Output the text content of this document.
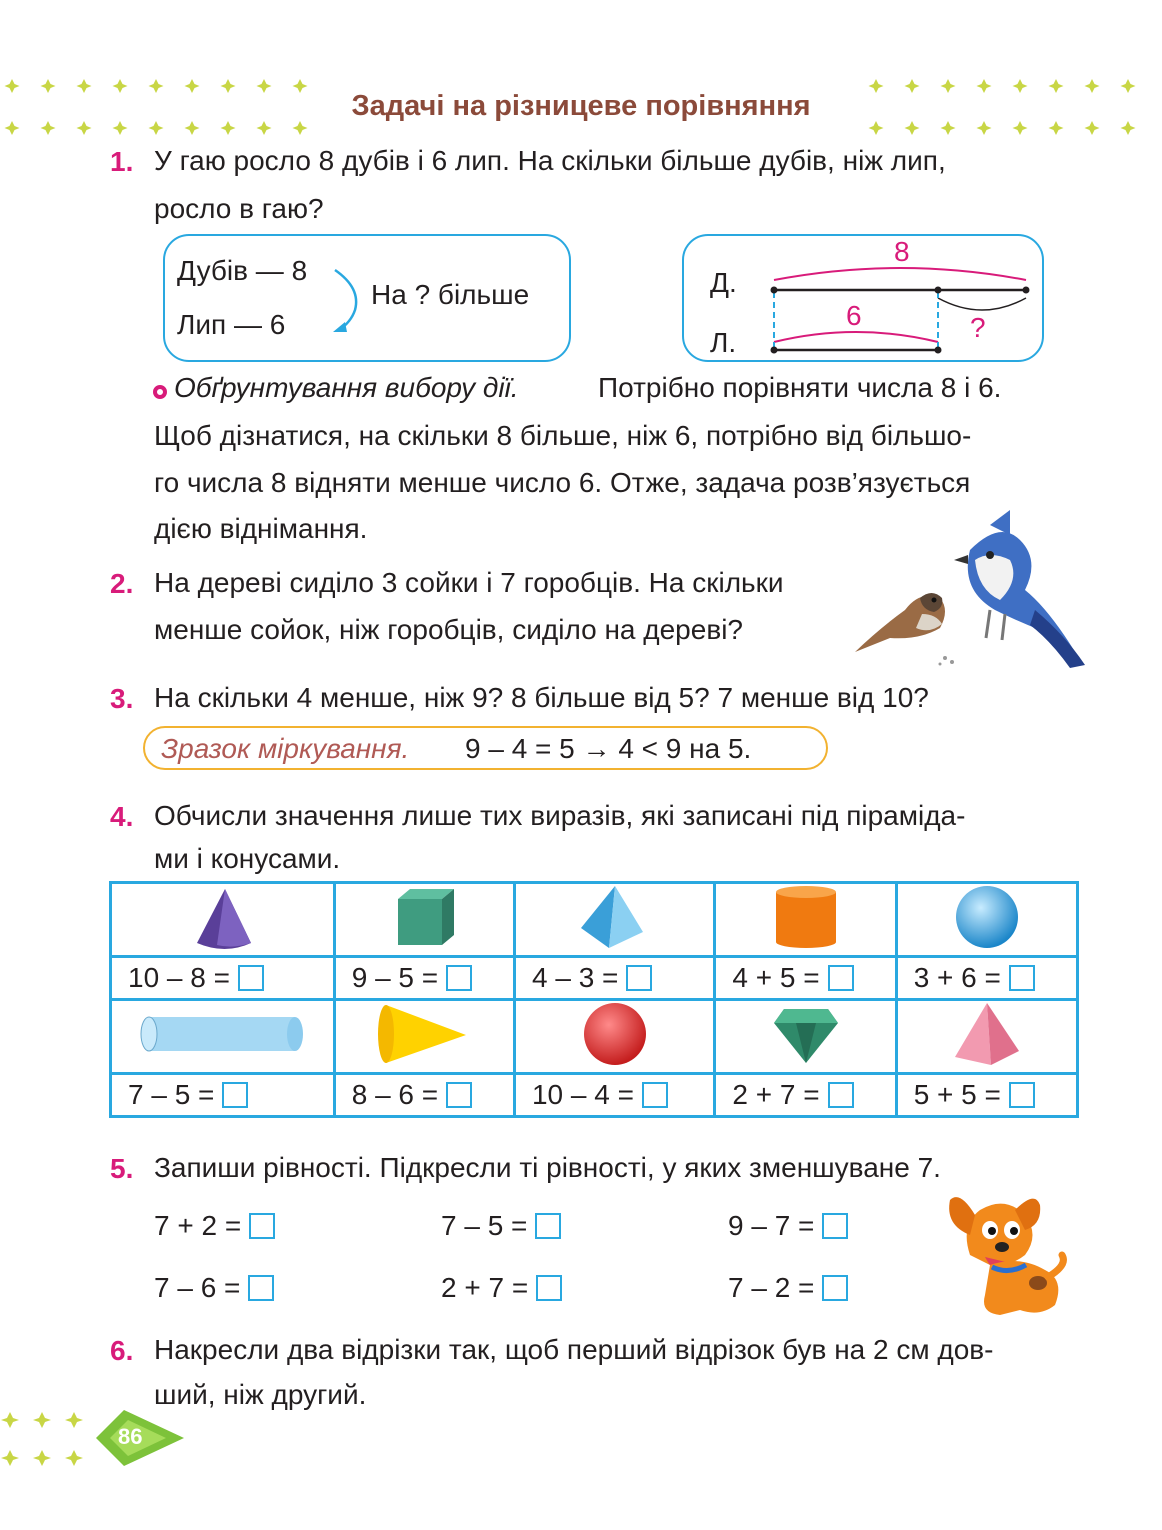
Задачі на різницеве порівняння
1. У гаю росло 8 дубів і 6 лип. На скільки більше дубів, ніж лип,
росло в гаю?
Дубів — 8
Лип — 6
На ? більше	Д.
Л.
8
6	?
Обґрунтування вибору дії.	Потрібно порівняти числа 8 і 6.
Щоб дізнатися, на скільки 8 більше, ніж 6, потрібно від більшо-
го числа 8 відняти менше число 6. Отже, задача розв’язується
дією віднімання.
2. На дереві сиділо 3 сойки і 7 горобців. На скільки
менше сойок, ніж горобців, сиділо на дереві?
3. На скільки 4 менше, ніж 9? 8 більше від 5? 7 менше від 10?
Зразок міркування. 9 – 4 = 5 → 4 < 9 на 5.
4. Обчисли значення лише тих виразів, які записані під піраміда-
ми і конусами.

10 – 8 =	9 – 5 =	4 – 3 =	4 + 5 =	3 + 6 =

7 – 5 =	8 – 6 =	10 – 4 =	2 + 7 =	5 + 5 =
5. Запиши рівності. Підкресли ті рівності, у яких зменшуване 7.
7 + 2 =	7 – 5 =	9 – 7 =
7 – 6 =	2 + 7 =	7 – 2 =
6. Накресли два відрізки так, щоб перший відрізок був на 2 см дов-
ший, ніж другий.
86
